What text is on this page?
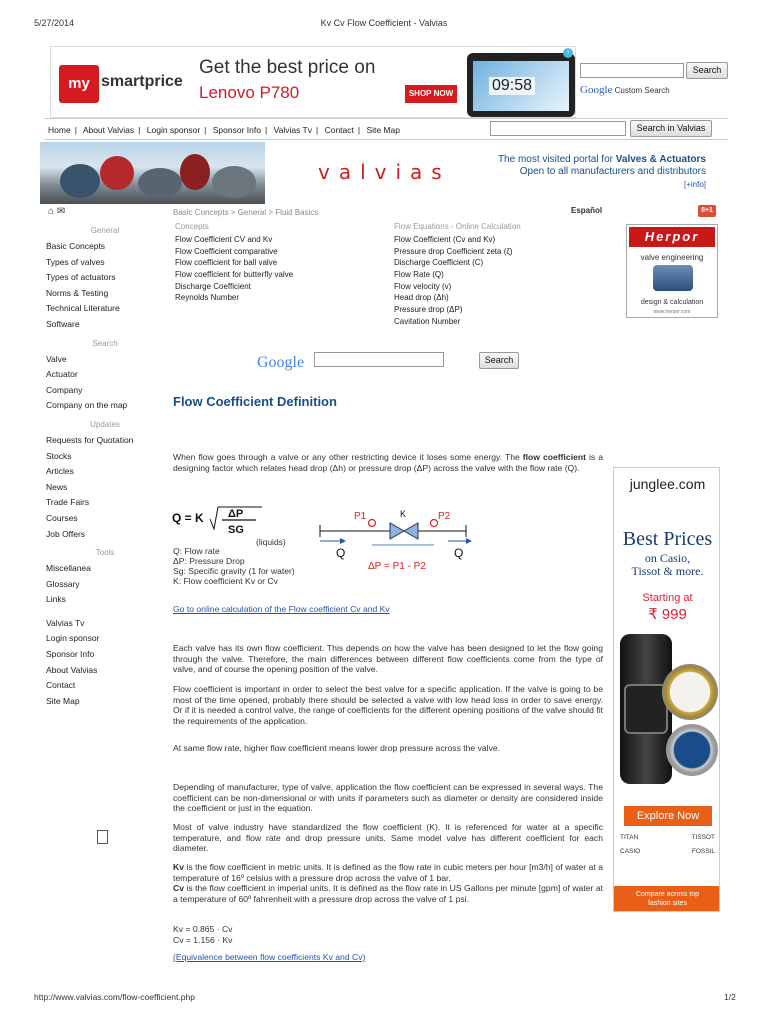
5/27/2014	Kv Cv Flow Coefficient - Valvias
my smartprice
Get the best price on
Lenovo P780	SHOP NOW 09:58
i
Search
Google Custom Search
Home | About Valvias | Login sponsor | Sponsor Info | Valvias Tv | Contact | Site Map	Search in Valvias
valvias
The most visited portal for Valves & Actuators
Open to all manufacturers and distributors
[+info]
⌂ ✉
General
Basic Concepts
Types of valves
Types of actuators
Norms & Testing
Technical Literature
Software
Search
Valve
Actuator
Company
Company on the map
Updates
Requests for Quotation
Stocks
Articles
News
Trade Fairs
Courses
Job Offers
Tools
Miscellanea
Glossary
Links
Valvias Tv
Login sponsor
Sponsor Info
About Valvias
Contact
Site Map
Basic Concepts > General > Fluid Basics
Concepts
Flow Coefficient CV and Kv
Flow Coefficient comparative
Flow coefficient for ball valve
Flow coefficient for butterfly valve
Discharge Coefficient
Reynolds Number
Flow Equations - Online Calculation
Flow Coefficient (Cv and Kv)
Pressure drop Coefficient zeta (ζ)
Discharge Coefficient (C)
Flow Rate (Q)
Flow velocity (v)
Head drop (Δh)
Pressure drop (ΔP)
Cavitation Number
Español	8+1
Herpor
valve engineering
design & calculation
www.herpor.com
Google	Search
Flow Coefficient Definition
When flow goes through a valve or any other restricting device it loses some energy. The flow coefficient is a designing factor which relates head drop (Δh) or pressure drop (ΔP) across the valve with the flow rate (Q).
Q = K ΔP
SG
(liquids)
K
P1	P2
Q	Q
ΔP = P1 - P2
Q: Flow rate
ΔP: Pressure Drop
Sg: Specific gravity (1 for water)
K: Flow coefficient Kv or Cv
Go to online calculation of the Flow coefficient Cv and Kv
Each valve has its own flow coefficient. This depends on how the valve has been designed to let the flow going through the valve. Therefore, the main differences between different flow coefficients come from the type of valve, and of course the opening position of the valve.
Flow coefficient is important in order to select the best valve for a specific application. If the valve is going to be most of the time opened, probably there should be selected a valve with low head loss in order to save energy. Or if it is needed a control valve, the range of coefficients for the different opening positions of the valve should fit the requirements of the application.
At same flow rate, higher flow coefficient means lower drop pressure across the valve.
Depending of manufacturer, type of valve, application the flow coefficient can be expressed in several ways. The coefficient can be non-dimensional or with units if parameters such as diameter or density are considered inside the coefficient or just in the equation.
Most of valve industry have standardized the flow coefficient (K). It is referenced for water at a specific temperature, and flow rate and drop pressure units. Same model valve has different coefficient for each diameter.
Kv is the flow coefficient in metric units. It is defined as the flow rate in cubic meters per hour [m3/h] of water at a temperature of 16º celsius with a pressure drop across the valve of 1 bar.
Cv is the flow coefficient in imperial units. It is defined as the flow rate in US Gallons per minute [gpm] of water at a temperature of 60º fahrenheit with a pressure drop across the valve of 1 psi.
Kv = 0.865 · Cv
Cv = 1.156 · Kv
(Equivalence between flow coefficients Kv and Cv)
junglee.com
Best Prices
on Casio,
Tissot & more.
Starting at
₹ 999
Explore Now
TITAN	TISSOT
CASIO	FOSSIL
Compare across top
fashion sites
http://www.valvias.com/flow-coefficient.php	1/2
